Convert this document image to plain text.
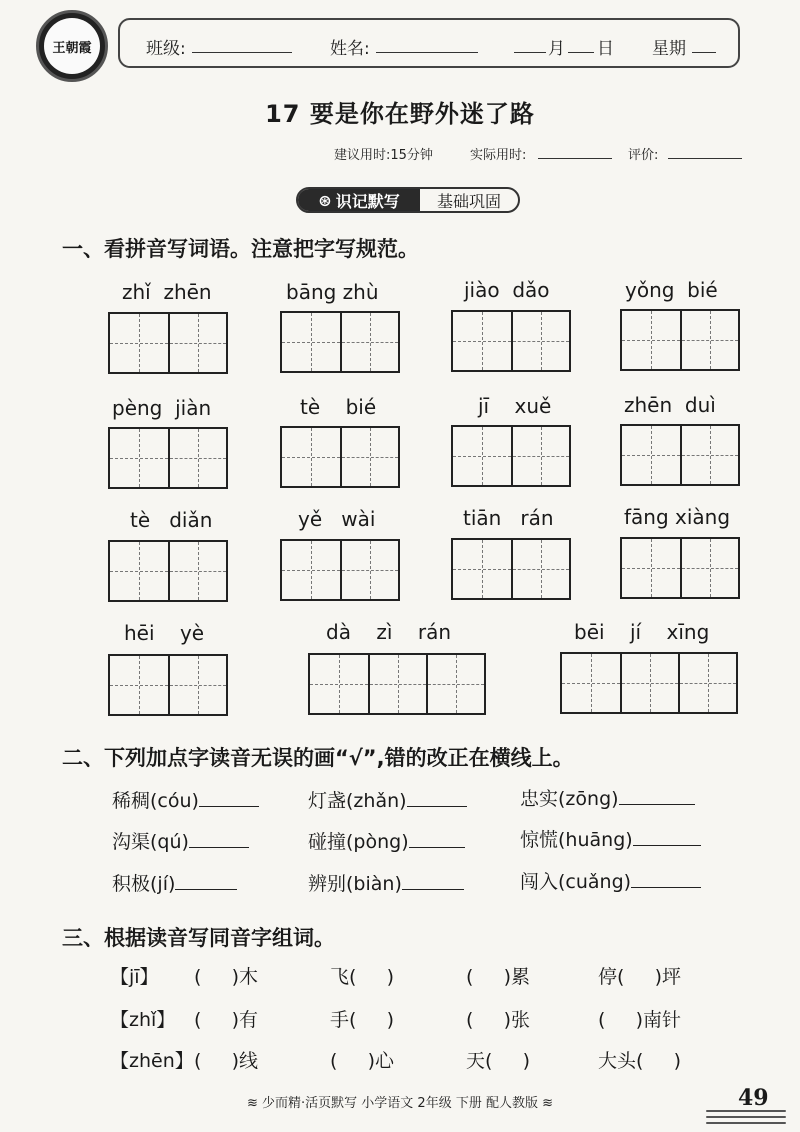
王朝霞	班级:	姓名:	月 日 星期
17 要是你在野外迷了路
建议用时:15分钟	实际用时:	评价:
⊛ 识记默写	基础巩固
一、看拼音写词语。注意把字写规范。
zhǐ  zhēn	bāng zhù	jiào  dǎo	yǒng  bié
pèng  jiàn	tè    bié	jī    xuě	zhēn  duì
tè   diǎn	yě   wài	tiān   rán	fāng xiàng
hēi    yè	dà    zì    rán	bēi    jí    xīng
二、下列加点字读音无误的画“√”,错的改正在横线上。
稀稠(cóu)	灯盏(zhǎn)	忠实(zōng)
沟渠(qú)	碰撞(pòng)	惊慌(huāng)
积极(jí)	辨别(biàn)	闯入(cuǎng)
三、根据读音写同音字组词。
【jī】 (     )木	飞(     )	(     )累	停(     )坪
【zhǐ】 (     )有	手(     )	(     )张	(     )南针
【zhēn】 (     )线	(     )心	天(     )	大头(     )
≋ 少而精·活页默写 小学语文 2年级 下册 配人教版 ≋	49
